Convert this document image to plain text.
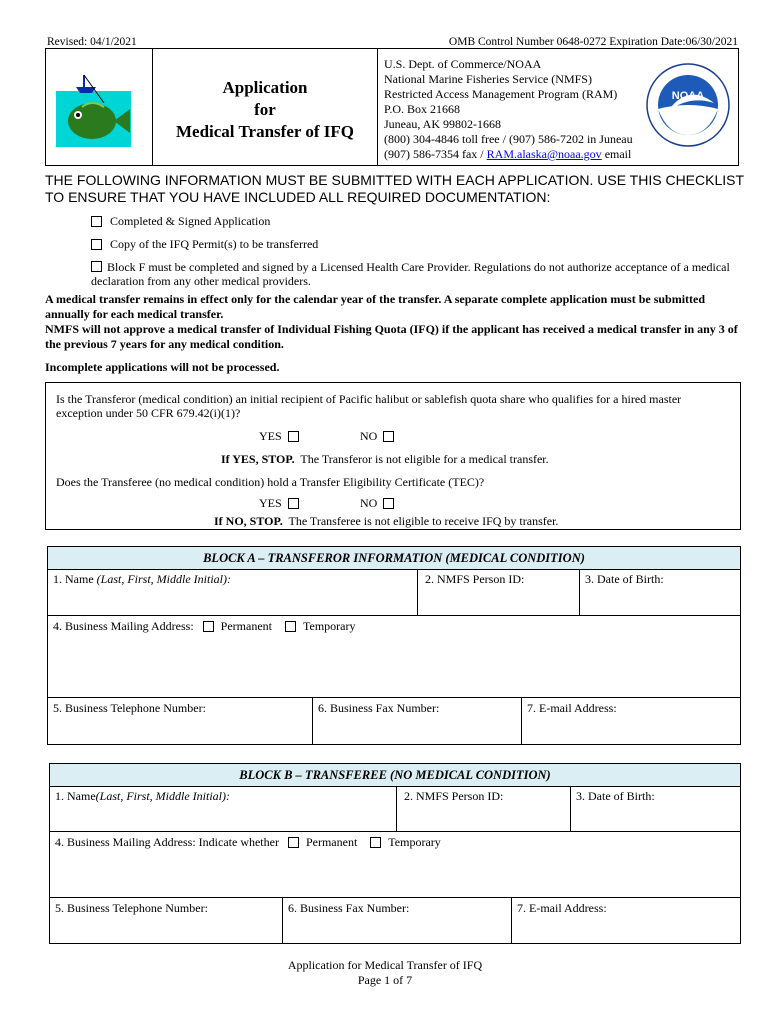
Revised: 04/1/2021	OMB Control Number 0648-0272 Expiration Date:06/30/2021
Application
for
Medical Transfer of IFQ
U.S. Dept. of Commerce/NOAA
National Marine Fisheries Service (NMFS)
Restricted Access Management Program (RAM)
P.O. Box 21668
Juneau, AK 99802-1668
(800) 304-4846 toll free / (907) 586-7202 in Juneau
(907) 586-7354 fax / RAM.alaska@noaa.gov email
NOAA
THE FOLLOWING INFORMATION MUST BE SUBMITTED WITH EACH APPLICATION. USE THIS CHECKLIST TO ENSURE THAT YOU HAVE INCLUDED ALL REQUIRED DOCUMENTATION:
Completed & Signed Application
Copy of the IFQ Permit(s) to be transferred
Block F must be completed and signed by a Licensed Health Care Provider. Regulations do not authorize acceptance of a medical declaration from any other medical providers.
A medical transfer remains in effect only for the calendar year of the transfer. A separate complete application must be submitted annually for each medical transfer.
NMFS will not approve a medical transfer of Individual Fishing Quota (IFQ) if the applicant has received a medical transfer in any 3 of the previous 7 years for any medical condition.
Incomplete applications will not be processed.
Is the Transferor (medical condition) an initial recipient of Pacific halibut or sablefish quota share who qualifies for a hired master exception under 50 CFR 679.42(i)(1)?
YES	NO
If YES, STOP.  The Transferor is not eligible for a medical transfer.
Does the Transferee (no medical condition) hold a Transfer Eligibility Certificate (TEC)?
YES	NO
If NO, STOP.  The Transferee is not eligible to receive IFQ by transfer.
BLOCK A – TRANSFEROR INFORMATION (MEDICAL CONDITION)
1. Name (Last, First, Middle Initial):	2. NMFS Person ID:	3. Date of Birth:
4. Business Mailing Address: Permanent	Temporary
5. Business Telephone Number:	6. Business Fax Number:	7. E-mail Address:
BLOCK B – TRANSFEREE (NO MEDICAL CONDITION)
1. Name(Last, First, Middle Initial):	2. NMFS Person ID:	3. Date of Birth:
4. Business Mailing Address: Indicate whether Permanent	Temporary
5. Business Telephone Number:	6. Business Fax Number:	7. E-mail Address:
Application for Medical Transfer of IFQ
Page 1 of 7
